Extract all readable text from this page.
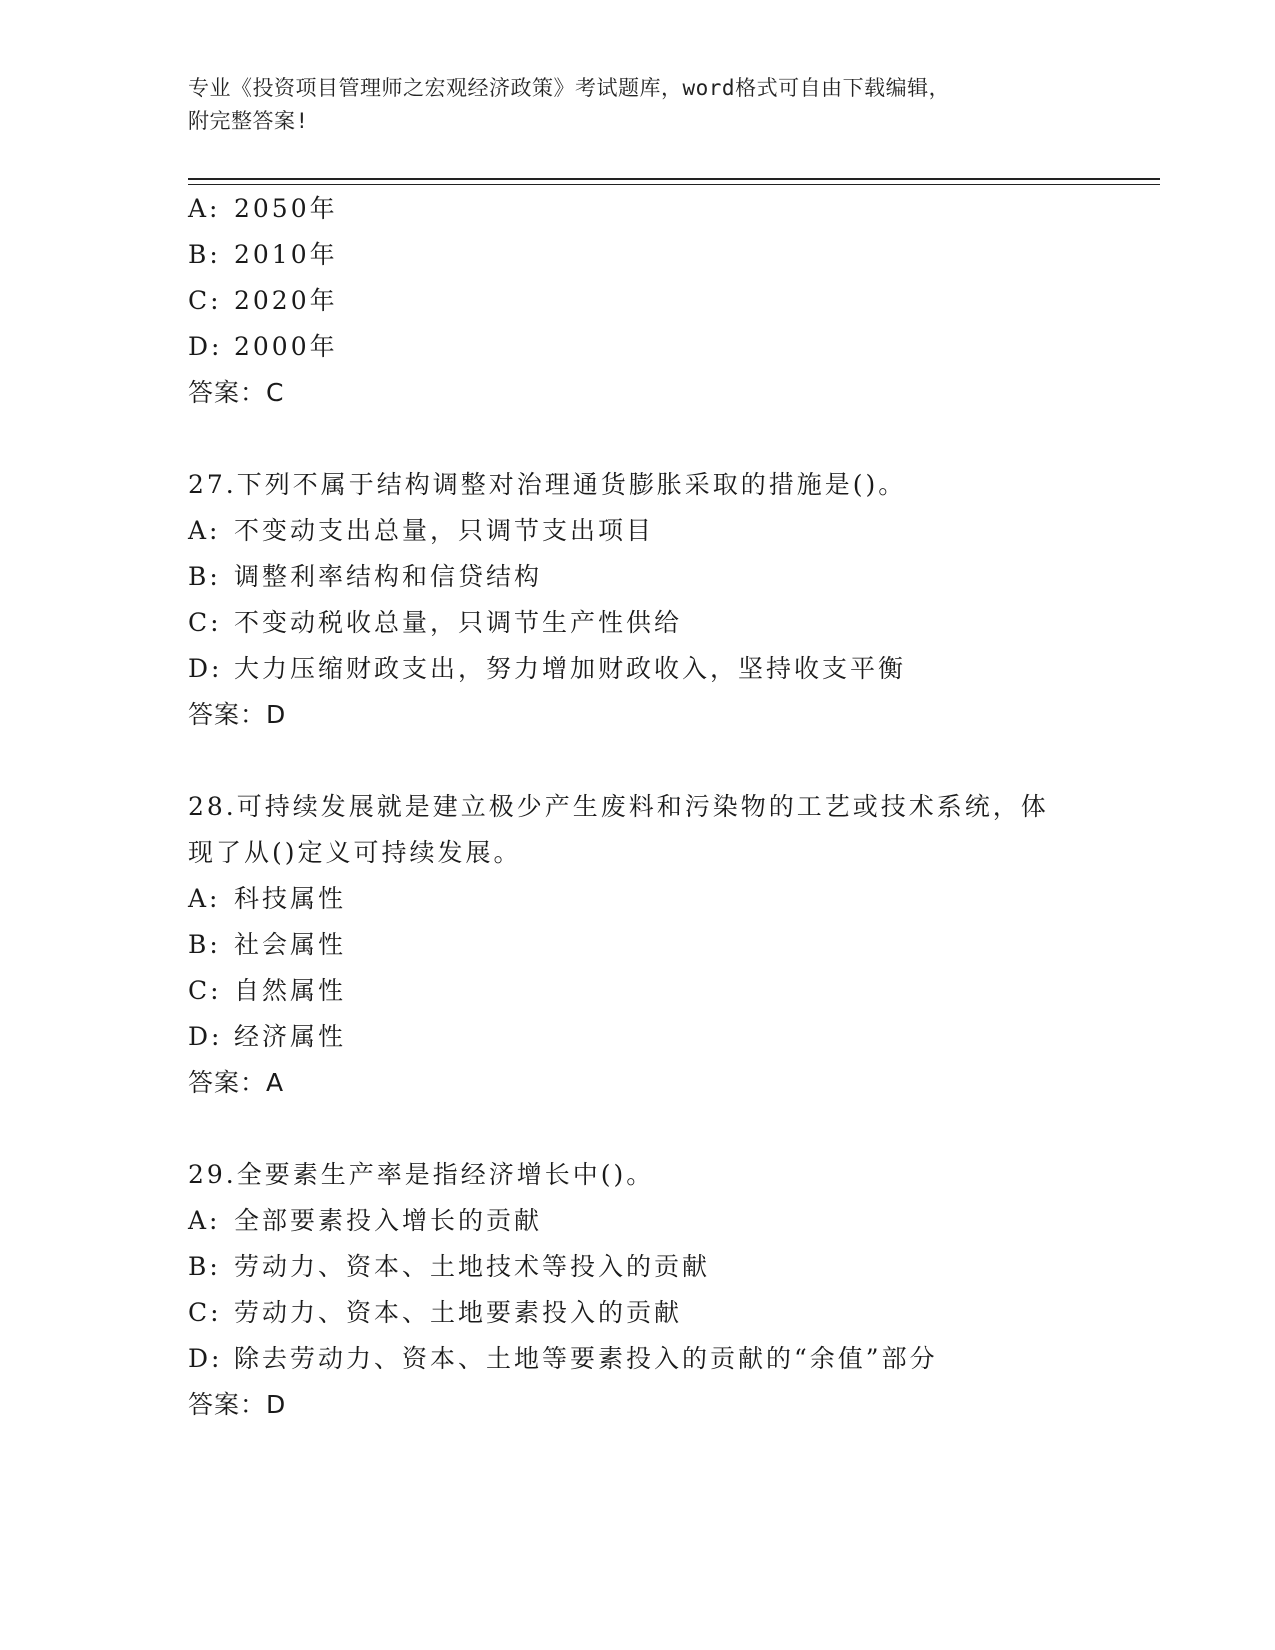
专业《投资项目管理师之宏观经济政策》考试题库，word格式可自由下载编辑，
附完整答案!
A: 2050年
B: 2010年
C: 2020年
D: 2000年
答案：C
27.下列不属于结构调整对治理通货膨胀采取的措施是()。
A: 不变动支出总量，只调节支出项目
B: 调整利率结构和信贷结构
C: 不变动税收总量，只调节生产性供给
D: 大力压缩财政支出，努力增加财政收入，坚持收支平衡
答案：D
28.可持续发展就是建立极少产生废料和污染物的工艺或技术系统，体
现了从()定义可持续发展。
A: 科技属性
B: 社会属性
C: 自然属性
D: 经济属性
答案：A
29.全要素生产率是指经济增长中()。
A: 全部要素投入增长的贡献
B: 劳动力、资本、土地技术等投入的贡献
C: 劳动力、资本、土地要素投入的贡献
D: 除去劳动力、资本、土地等要素投入的贡献的“余值”部分
答案：D
